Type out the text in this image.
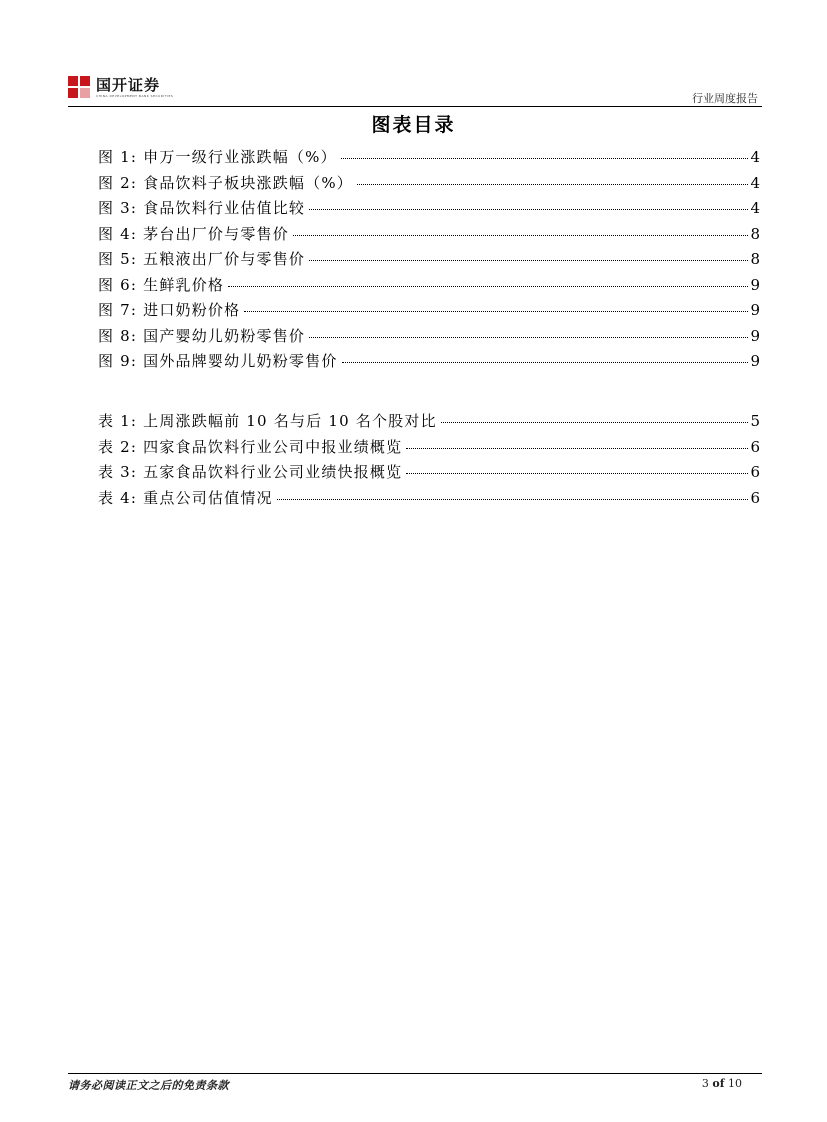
国开证券
CHINA DEVELOPMENT BANK SECURITIES	行业周度报告
图表目录
图 1: 申万一级行业涨跌幅（%）	4
图 2: 食品饮料子板块涨跌幅（%）	4
图 3: 食品饮料行业估值比较	4
图 4: 茅台出厂价与零售价	8
图 5: 五粮液出厂价与零售价	8
图 6: 生鲜乳价格	9
图 7: 进口奶粉价格	9
图 8: 国产婴幼儿奶粉零售价	9
图 9: 国外品牌婴幼儿奶粉零售价	9
表 1: 上周涨跌幅前 10 名与后 10 名个股对比	5
表 2: 四家食品饮料行业公司中报业绩概览	6
表 3: 五家食品饮料行业公司业绩快报概览	6
表 4: 重点公司估值情况	6
请务必阅读正文之后的免责条款	3 of 10
